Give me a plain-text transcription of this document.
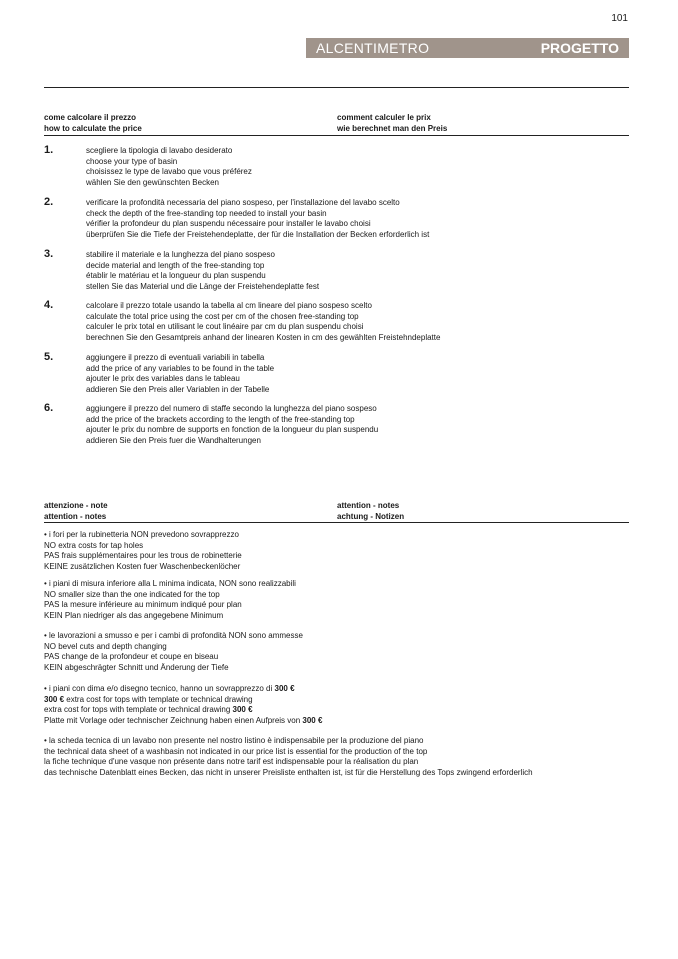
101
ALCENTIMETRO	PROGETTO
come calcolare il prezzo
how to calculate the price
comment calculer le prix
wie berechnet man den Preis
1.	scegliere la tipologia di lavabo desiderato
choose your type of basin
choisissez le type de lavabo que vous préférez
wählen Sie den gewünschten Becken
2.	verificare la profondità necessaria del piano sospeso, per l'installazione del lavabo scelto
check the depth of the free-standing top needed to install your basin
vérifier la profondeur du plan suspendu nécessaire pour installer le lavabo choisi
überprüfen Sie die Tiefe der Freistehendeplatte, der für die Installation der Becken erforderlich ist
3.	stabilire il materiale e la lunghezza del piano sospeso
decide material and length of the free-standing top
établir le matériau et la longueur du plan suspendu
stellen Sie das Material und die Länge der Freistehendeplatte fest
4.	calcolare il prezzo totale usando la tabella al cm lineare del piano sospeso scelto
calculate the total price using the cost per cm of the chosen free-standing top
calculer le prix total en utilisant le cout linéaire par cm du plan suspendu choisi
berechnen Sie den Gesamtpreis anhand der linearen Kosten in cm des gewählten Freistehndeplatte
5.	aggiungere il prezzo di eventuali variabili in tabella
add the price of any variables to be found in the table
ajouter le prix des variables dans le tableau
addieren Sie den Preis aller Variablen in der Tabelle
6.	aggiungere il prezzo del numero di staffe secondo la lunghezza del piano sospeso
add the price of the brackets according to the length of the free-standing top
ajouter le prix du nombre de supports en fonction de la longueur du plan suspendu
addieren Sie den Preis fuer die Wandhalterungen
attenzione - note
attention - notes
attention - notes
achtung - Notizen
• i fori per la rubinetteria NON prevedono sovrapprezzo
NO extra costs for tap holes
PAS frais supplémentaires pour les trous de robinetterie
KEINE zusätzlichen Kosten fuer Waschenbeckenlöcher
• i piani di misura inferiore alla L minima indicata, NON sono realizzabili
NO smaller size than the one indicated for the top
PAS la mesure inférieure au minimum indiqué pour plan
KEIN Plan niedriger als das angegebene Minimum
• le lavorazioni a smusso e per i cambi di profondità NON sono ammesse
NO bevel cuts and depth changing
PAS change de la profondeur et coupe en biseau
KEIN abgeschrägter Schnitt und Änderung der Tiefe
• i piani con dima e/o disegno tecnico, hanno un sovrapprezzo di 300 €
300 € extra cost for tops with template or technical drawing
extra cost for tops with template or technical drawing 300 €
Platte mit Vorlage oder technischer Zeichnung haben einen Aufpreis von 300 €
• la scheda tecnica di un lavabo non presente nel nostro listino è indispensabile per la produzione del piano
the technical data sheet of a washbasin not indicated in our price list is essential for the production of the top
la fiche technique d'une vasque non présente dans notre tarif est indispensable pour la réalisation du plan
das technische Datenblatt eines Becken, das nicht in unserer Preisliste enthalten ist, ist für die Herstellung des Tops zwingend erforderlich
